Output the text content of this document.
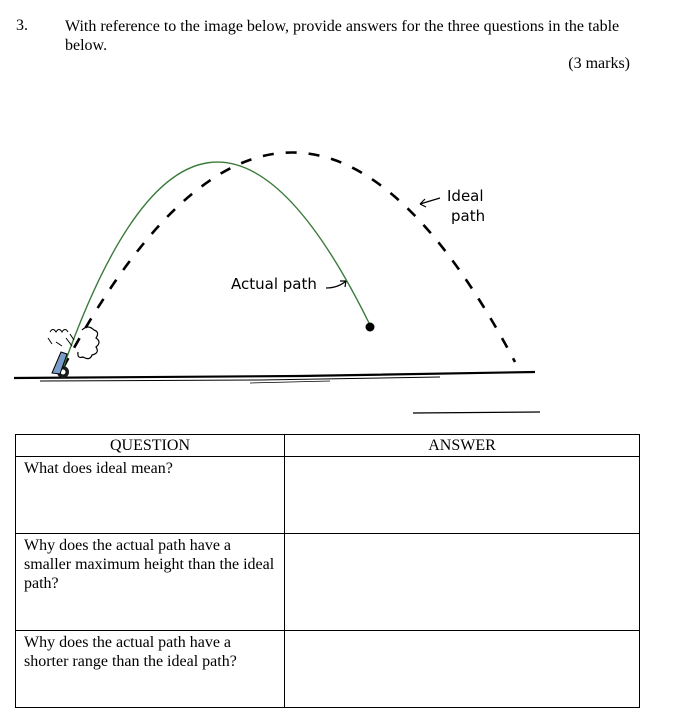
3. With reference to the image below, provide answers for the three questions in the table below.
(3 marks)
Ideal
path
Actual path
QUESTION	ANSWER
What does ideal mean?	
Why does the actual path have a smaller maximum height than the ideal path?	
Why does the actual path have a shorter range than the ideal path?	
